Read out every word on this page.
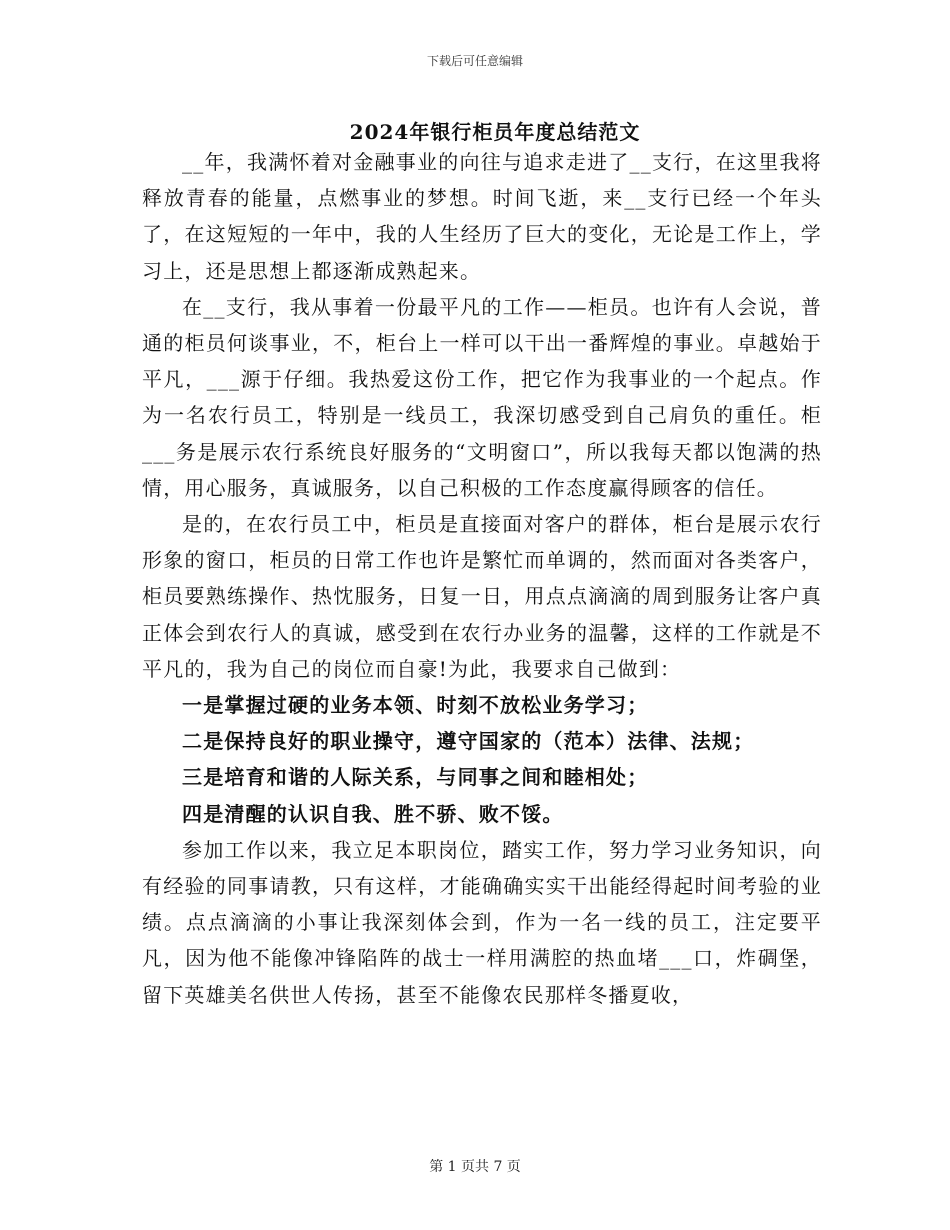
下载后可任意编辑
2024年银行柜员年度总结范文

__年，我满怀着对金融事业的向往与追求走进了__支行，在这里我将释放青春的能量，点燃事业的梦想。时间飞逝，来__支行已经一个年头了，在这短短的一年中，我的人生经历了巨大的变化，无论是工作上，学习上，还是思想上都逐渐成熟起来。

在__支行，我从事着一份最平凡的工作——柜员。也许有人会说，普通的柜员何谈事业，不，柜台上一样可以干出一番辉煌的事业。卓越始于平凡，___源于仔细。我热爱这份工作，把它作为我事业的一个起点。作为一名农行员工，特别是一线员工，我深切感受到自己肩负的重任。柜___务是展示农行系统良好服务的“文明窗口”，所以我每天都以饱满的热情，用心服务，真诚服务，以自己积极的工作态度赢得顾客的信任。

是的，在农行员工中，柜员是直接面对客户的群体，柜台是展示农行形象的窗口，柜员的日常工作也许是繁忙而单调的，然而面对各类客户，柜员要熟练操作、热忱服务，日复一日，用点点滴滴的周到服务让客户真正体会到农行人的真诚，感受到在农行办业务的温馨，这样的工作就是不平凡的，我为自己的岗位而自豪!为此，我要求自己做到：

一是掌握过硬的业务本领、时刻不放松业务学习；

二是保持良好的职业操守，遵守国家的（范本）法律、法规；

三是培育和谐的人际关系，与同事之间和睦相处；

四是清醒的认识自我、胜不骄、败不馁。

参加工作以来，我立足本职岗位，踏实工作，努力学习业务知识，向有经验的同事请教，只有这样，才能确确实实干出能经得起时间考验的业绩。点点滴滴的小事让我深刻体会到，作为一名一线的员工，注定要平凡，因为他不能像冲锋陷阵的战士一样用满腔的热血堵___口，炸碉堡，留下英雄美名供世人传扬，甚至不能像农民那样冬播夏收，

第 1 页共 7 页
